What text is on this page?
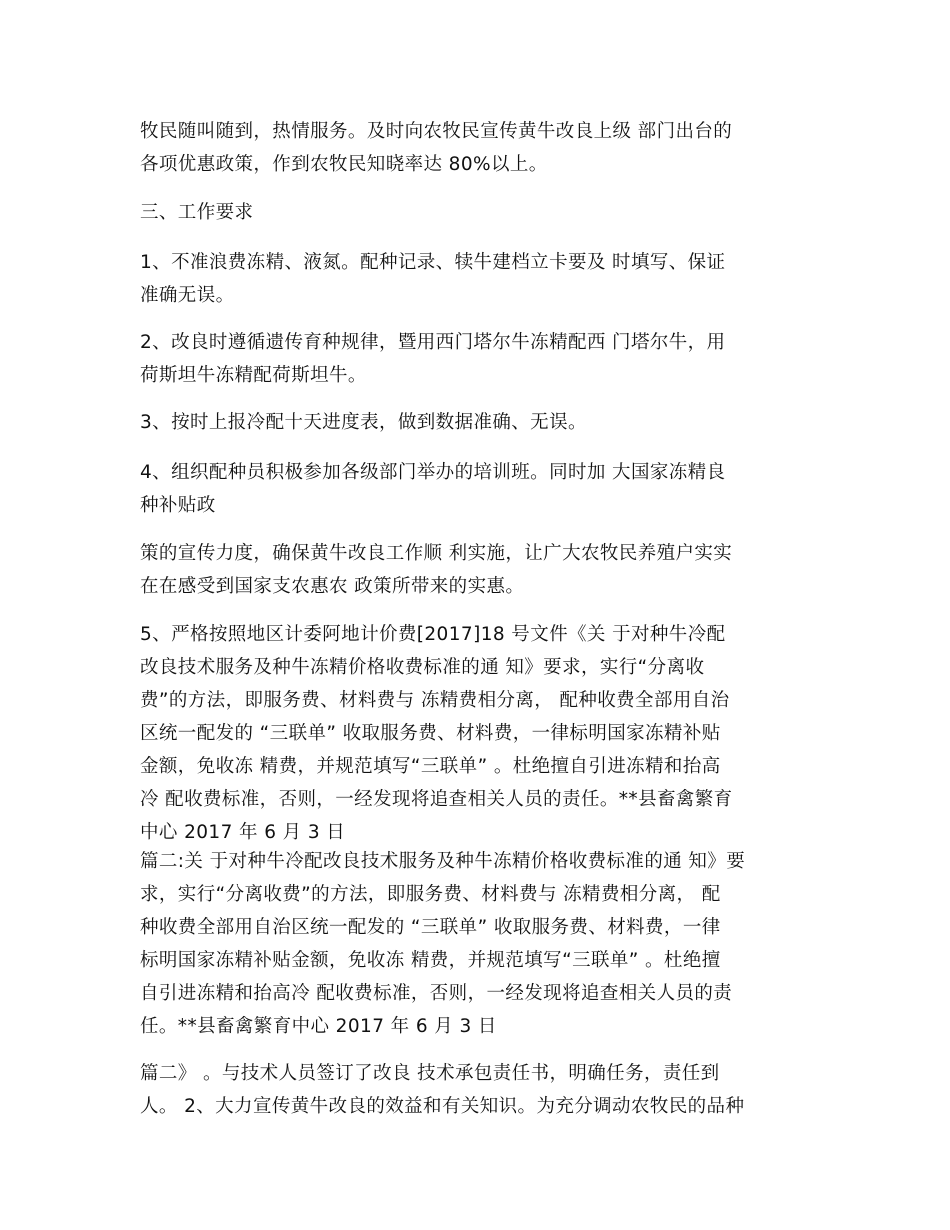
牧民随叫随到，热情服务。及时向农牧民宣传黄牛改良上级 部门出台的
各项优惠政策，作到农牧民知晓率达 80%以上。
三、工作要求
1、不准浪费冻精、液氮。配种记录、犊牛建档立卡要及 时填写、保证
准确无误。
2、改良时遵循遗传育种规律，暨用西门塔尔牛冻精配西 门塔尔牛，用
荷斯坦牛冻精配荷斯坦牛。
3、按时上报冷配十天进度表，做到数据准确、无误。
4、组织配种员积极参加各级部门举办的培训班。同时加 大国家冻精良
种补贴政
策的宣传力度，确保黄牛改良工作顺 利实施，让广大农牧民养殖户实实
在在感受到国家支农惠农 政策所带来的实惠。
5、严格按照地区计委阿地计价费[2017]18 号文件《关 于对种牛冷配
改良技术服务及种牛冻精价格收费标准的通 知》要求，实行“分离收
费”的方法，即服务费、材料费与 冻精费相分离， 配种收费全部用自治
区统一配发的 “三联单” 收取服务费、材料费，一律标明国家冻精补贴
金额，免收冻 精费，并规范填写“三联单” 。杜绝擅自引进冻精和抬高
冷 配收费标准，否则，一经发现将追查相关人员的责任。**县畜禽繁育
中心 2017 年 6 月 3 日
篇二:关 于对种牛冷配改良技术服务及种牛冻精价格收费标准的通 知》要
求，实行“分离收费”的方法，即服务费、材料费与 冻精费相分离， 配
种收费全部用自治区统一配发的 “三联单” 收取服务费、材料费，一律
标明国家冻精补贴金额，免收冻 精费，并规范填写“三联单” 。杜绝擅
自引进冻精和抬高冷 配收费标准，否则，一经发现将追查相关人员的责
任。**县畜禽繁育中心 2017 年 6 月 3 日
篇二》 。与技术人员签订了改良 技术承包责任书，明确任务，责任到
人。 2、大力宣传黄牛改良的效益和有关知识。为充分调动农牧民的品种
